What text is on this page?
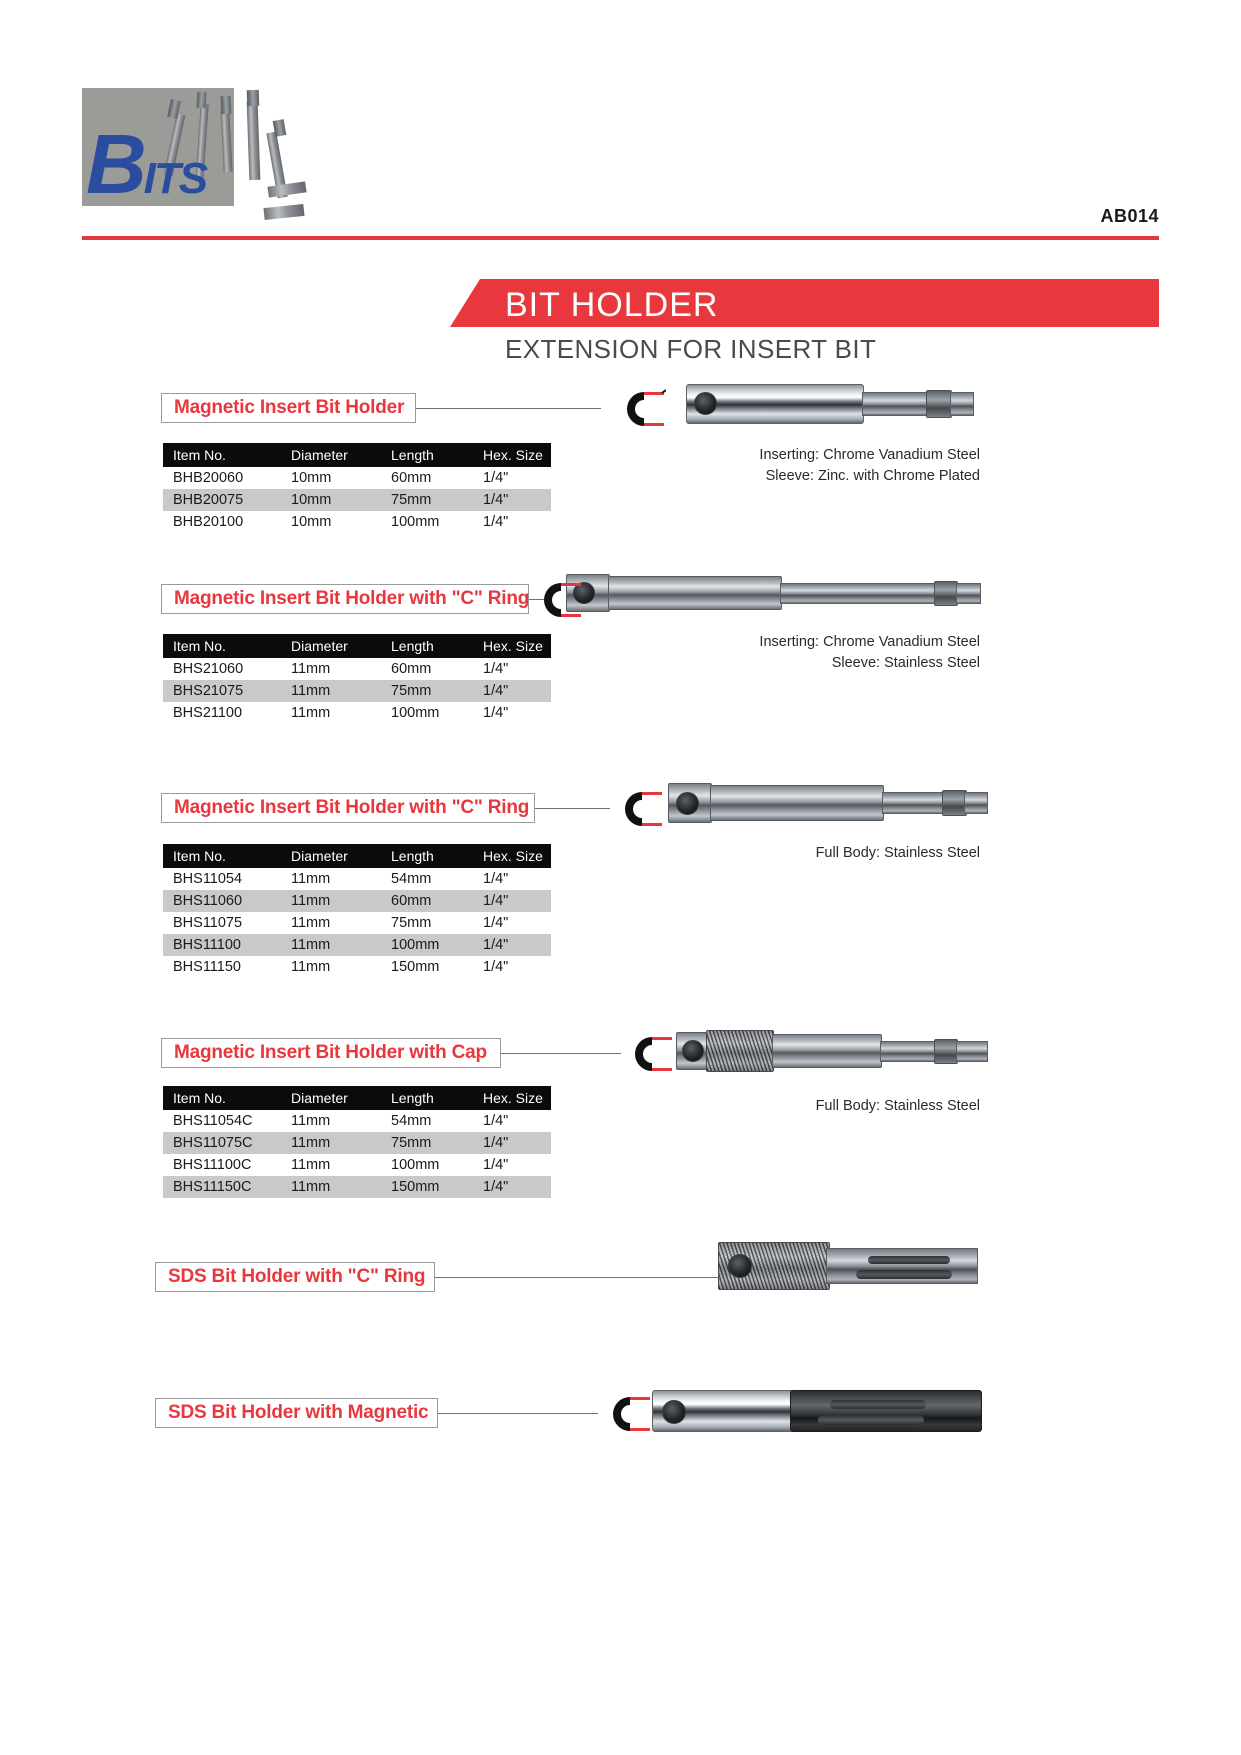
BITS
AB014
BIT HOLDER
EXTENSION FOR INSERT BIT
Magnetic Insert Bit Holder
Inserting: Chrome Vanadium Steel
Sleeve: Zinc. with Chrome Plated
Item No.	Diameter	Length	Hex. Size
BHB20060	10mm	60mm	1/4"
BHB20075	10mm	75mm	1/4"
BHB20100	10mm	100mm	1/4"
Magnetic Insert Bit Holder with "C" Ring
Inserting: Chrome Vanadium Steel
Sleeve: Stainless Steel
Item No.	Diameter	Length	Hex. Size
BHS21060	11mm	60mm	1/4"
BHS21075	11mm	75mm	1/4"
BHS21100	11mm	100mm	1/4"
Magnetic Insert Bit Holder with "C" Ring
Full Body: Stainless Steel
Item No.	Diameter	Length	Hex. Size
BHS11054	11mm	54mm	1/4"
BHS11060	11mm	60mm	1/4"
BHS11075	11mm	75mm	1/4"
BHS11100	11mm	100mm	1/4"
BHS11150	11mm	150mm	1/4"
Magnetic Insert Bit Holder with Cap
Full Body: Stainless Steel
Item No.	Diameter	Length	Hex. Size
BHS11054C	11mm	54mm	1/4"
BHS11075C	11mm	75mm	1/4"
BHS11100C	11mm	100mm	1/4"
BHS11150C	11mm	150mm	1/4"
SDS Bit Holder with "C" Ring
SDS Bit Holder with Magnetic
